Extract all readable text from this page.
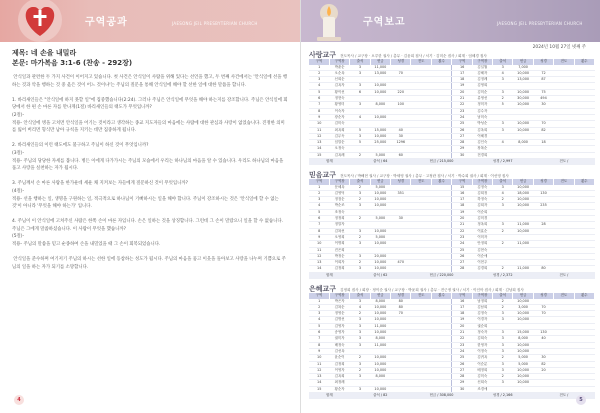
구역공과	JAESONG JEIL PRESBYTERIAN CHURCH
제목: 네 손을 내밀라
본문: 마가복음 3:1-6 (찬송 - 292장)
안식일과 관련한 두 가지 사건이 이어지고 있습니다. 첫 사건은 안식일이 사람을 위해 있다는 선언을 했고, 두 번째 사건에서는 '안식일에 선을 행하는 것과 악을 행하는 것 중 옳은 것이 어느 것이냐'는 주님의 질문을 통해 안식일에 해야 할 선한 일에 대한 말씀을 합니다.

1. 바리새인들은 "안식일에 하지 못할 일"에 집중했습니다(2:24). 그러나 주님은 안식일에 무엇을 해야 하는지를 강조합니다. 주님은 안식일에 회당에서 한 편 손 마른 자를 만나게(1절) 바리새인들의 태도가 무엇입니까?
(2절)-
적용- 안식일에 병을 고치면 안식일을 어기는 것이라고 생각하는 종교 지도자들의 마음에는 사람에 대한 관심과 사랑이 없었습니다. 진정한 의미를 잃어 버리면 형식만 남아 규칙을 지키는 데만 집중하게 됩니다.

2. 바리새인들의 이런 태도에도 불구하고 주님이 하신 것이 무엇입니까?
(3절)-
적용- 주님의 당당한 자세를 봅니다. 병든 이에게 다가가시는 주님의 모습에서 우리는 하나님의 마음을 알 수 있습니다. 우리도 하나님의 마음을 품고 사랑을 실천하는 자가 됩시다.

3. 주님께서 손 마른 사람을 한가운데 세운 채 지켜보는 자들에게 질문하신 것이 무엇입니까?
(4절)-
적용- 선을 행하는 일, 생명을 구원하는 일, 적극적으로 하나님이 기뻐하시는 일을 해야 합니다. 주님이 강조하시는 것은 '안식일에 할 수 없는 것'이 아니라 '무엇을 해야 하는가' 입니다.

4. 주님이 이 안식일에 고쳐주신 사람은 한쪽 손이 마른 자입니다. 손은 일하는 것을 상징합니다. 그런데 그 손이 말랐으니 일을 할 수 없습니다. 주님은 그에게 말씀하셨습니다. 이 사람이 무엇을 했습니까?
(5절)-
적용- 주님의 말씀을 믿고 순종하여 손을 내밀었을 때 그 손이 회복되었습니다.

안식일을 준수하며 여기저기 주님의 하시는 선한 일에 동참하는 성도가 됩시다. 주님의 마음을 품고 이웃을 돌아보고 사랑을 나누며 기쁨으로 주님의 일을 하는 자가 되기를 소망합니다.
4
구역보고	JAESONG JEIL PRESBYTERIAN CHURCH
2024년 10월 27일 넷째 주
사랑교구 전도목사 / 교구장 · 오루한 권사 / 총무 · 김윤희 집사 / 서기 · 김미순 집사 / 회계 · 엄혜경 집사
구역	구역장	출석	헌금	성경	전도	횟수	구역	구역장	출석	헌금	성경	전도	횟수
1	박춘순	3	11,000				16	김일월	3	7,000			
2	오순옥	3	13,000	70			17	김혜자	4	10,000	72		
3	신희순						18	김정례	3	13,000	87		
4	김옥자	3	10,000				19	김영희					
5	황이선	6	10,000	220			20	김미순	3	10,000	75		
6	정현숙						21	류영선	2	30,000	494		
7	황영미	3	8,000	100			22	정미자	5	10,000	30		
8	이숙자						23	김수자					
9	장순자	4	10,000				24	남미숙					
10	김미숙						25	박성순	3	10,000	70		
11	최옥희	5	15,000	40			26	김옥희	3	10,000	82		
12	김무득	3	10,000	30			27	이혜경					
13	임말순	5	25,000	1296			28	김인숙	4	8,000	18		
14	오정숙						29	장복순					
15	김옥례	2	5,000	60			30	전경희					
합계		출석 / 64			헌금 / 215,000			성경 / 2,997			전도 /		
믿음교구 전도목사 / 박해현 권사 / 교구장 · 박세영 권사 / 총무 · 고정란 집사 / 서기 · 박수희 권사 / 회계 · 이선영 집사
구역	구역장	출석	헌금	성경	전도	횟수	구역	구역장	출석	헌금	성경	전도	횟수
1	문혜옥	2	5,000				15	김정숙	3	10,000			
2	김영덕	3	10,000	351			16	김희정	4	18,000	130		
3	정점순	2	10,000				17	하정숙	2	10,000			
4	박순조	3	10,000				18	김희자	3	10,000	235		
5	조정숙						19	이순희					
6	정정희	2	5,000	30			20	김미경					
7	정말자						21	정옥희	3	11,000	28		
8	김복선	3	10,000				22	이효순	2	10,000			
9	오영희	2	5,000				23	이미자					
10	이명희	3	10,000				24	안정희	2	11,000			
11	진은희						25	김현숙					
12	박정순	3	20,000				26	이순애					
13	이희자	2	10,000	470			27	이현주					
14	김정희	3	10,000				28	김경희	2	11,000	80		
합계		출석 / 62			헌금 / 220,000			성경 / 2,372			전도 /		
은혜교구 김정희 집사 / 회장 · 정이순 권사 / 교구장 · 박윤희 권사 / 총무 · 전근정 권사 / 서기 · 이인아 집사 / 회계 · 김남희 집사
구역	구역장	출석	헌금	성경	전도	횟수	구역	구역장	출석	헌금	성경	전도	횟수
1	박은자	3	8,000	80			16	남정희	2	10,000			
2	김복순	4	10,000	80			17	김남희	2	3,000	70		
3	정영순	2	10,000	70			18	김정숙	3	10,000	70		
4	김명선	3	10,000				19	이경자	3	10,000			
5	김영자	3	11,000				20	권순희					
6	송영자	3	10,000				21	정숙자	3	15,000	130		
7	권미자	3	8,000				22	김희숙	3	8,000	40		
8	배정숙	3	11,000				23	한영자	3	10,000			
9	김선옥						24	이정숙	3	10,000			
10	윤순이	2	10,000				25	김귀옥	2	5,000	30		
11	김정희	3	10,000				26	이순분	3	5,000	82		
12	이영자	2	10,000				27	배정희	3	10,000	20		
13	김옥희	3	8,000				28	김미숙	2	10,000			
14	최정례						29	신희숙	3	10,000			
15	황순자	3	10,000				30	조경애					
합계		출석 / 82			헌금 / 308,000			성경 / 2,166			전도 /		
5
